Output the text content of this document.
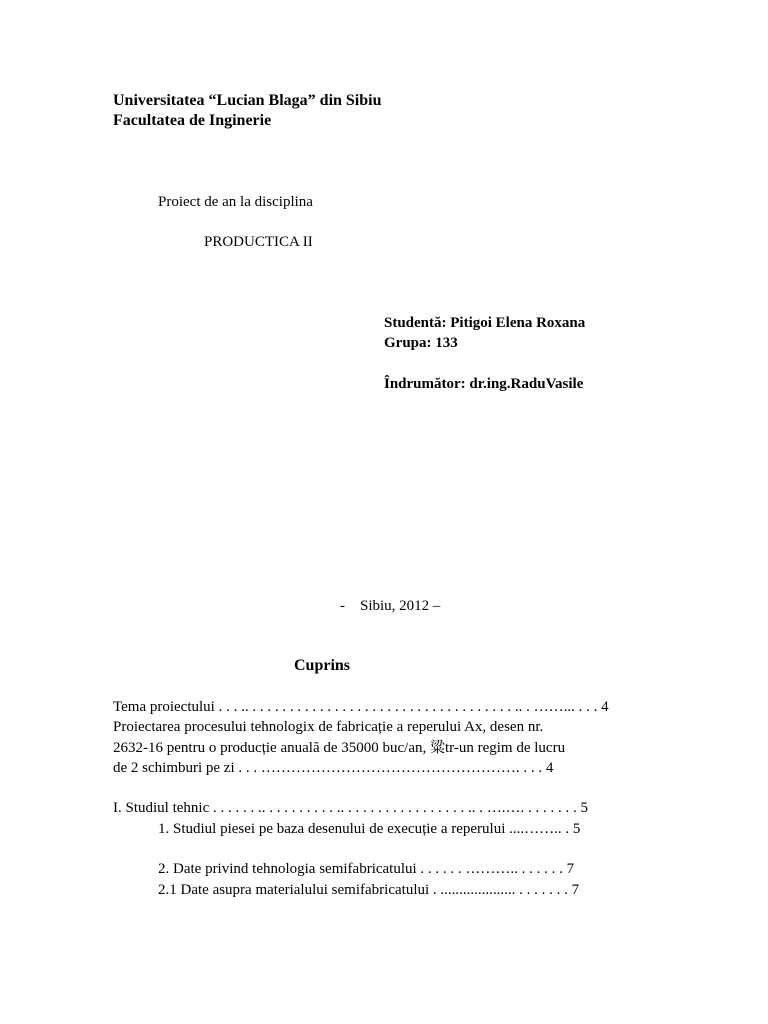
Universitatea “Lucian Blaga” din Sibiu
Facultatea de Inginerie
Proiect de an la disciplina
PRODUCTICA II
Studentă: Pitigoi Elena Roxana
Grupa: 133
Îndrumător: dr.ing.RaduVasile
-    Sibiu, 2012 –
Cuprins
Tema proiectului . . . .. . . . . . . . . . . . . . . . . . . . . . . . . . . . . . . . . . . . .. . ……... . . . 4
Proiectarea procesului tehnologix de fabricație a reperului Ax, desen nr.
2632-16 pentru o producție anuală de 35000 buc/an, 粱tr-un regim de lucru
de 2 schimburi pe zi . . . ……………………………………………. . . . 4
I. Studiul tehnic . . . . . . .. . . . . . . . . . .. . . . . . . . . . . . . . . . . .. . ….…. . . . . . . . 5
1. Studiul piesei pe baza desenului de execuție a reperului ....…….. . 5
2. Date privind tehnologia semifabricatului . . . . . . ……….. . . . . . . 7
2.1 Date asupra materialului semifabricatului . .................... . . . . . . . 7
